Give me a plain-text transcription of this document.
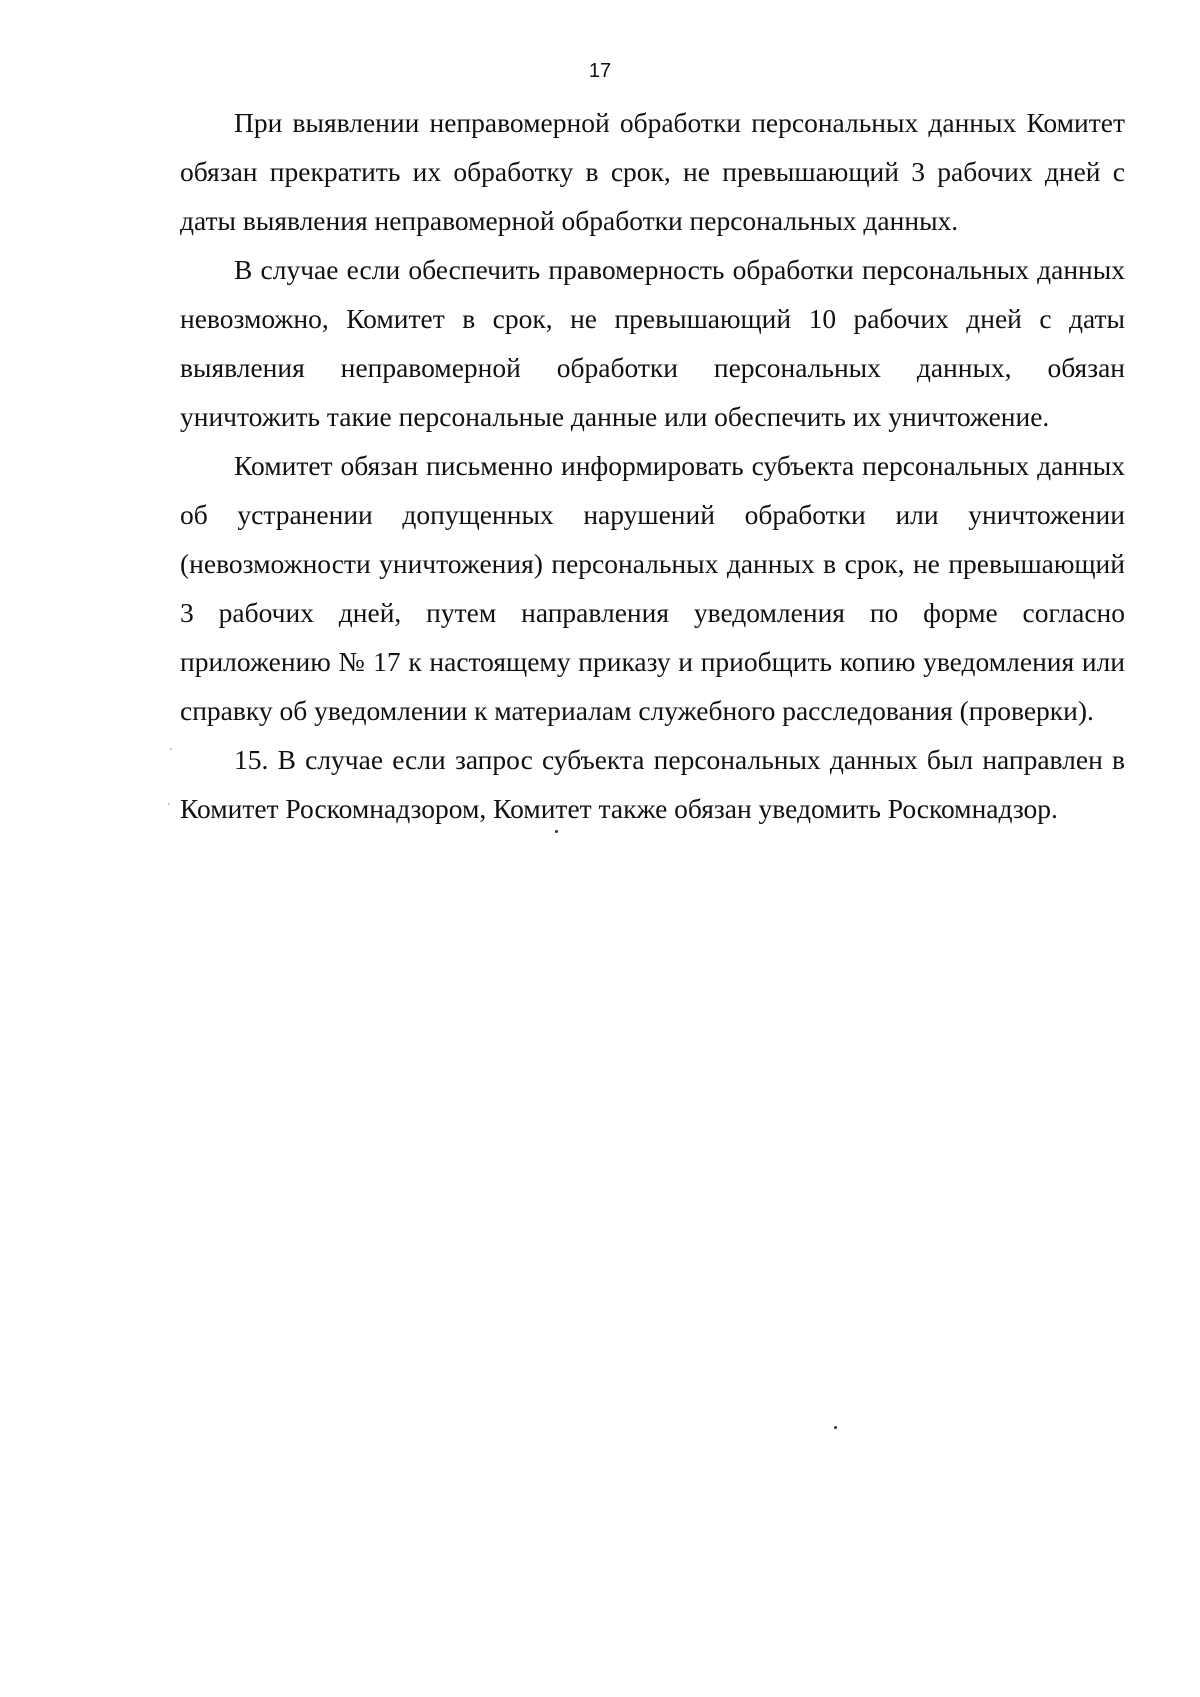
17

При выявлении неправомерной обработки персональных данных Комитет обязан прекратить их обработку в срок, не превышающий 3 рабочих дней с даты выявления неправомерной обработки персональных данных.

В случае если обеспечить правомерность обработки персональных данных невозможно, Комитет в срок, не превышающий 10 рабочих дней с даты выявления неправомерной обработки персональных данных, обязан уничтожить такие персональные данные или обеспечить их уничтожение.

Комитет обязан письменно информировать субъекта персональных данных об устранении допущенных нарушений обработки или уничтожении (невозможности уничтожения) персональных данных в срок, не превышающий 3 рабочих дней, путем направления уведомления по форме согласно приложению № 17 к настоящему приказу и приобщить копию уведомления или справку об уведомлении к материалам служебного расследования (проверки).

15. В случае если запрос субъекта персональных данных был направлен в Комитет Роскомнадзором, Комитет также обязан уведомить Роскомнадзор.
